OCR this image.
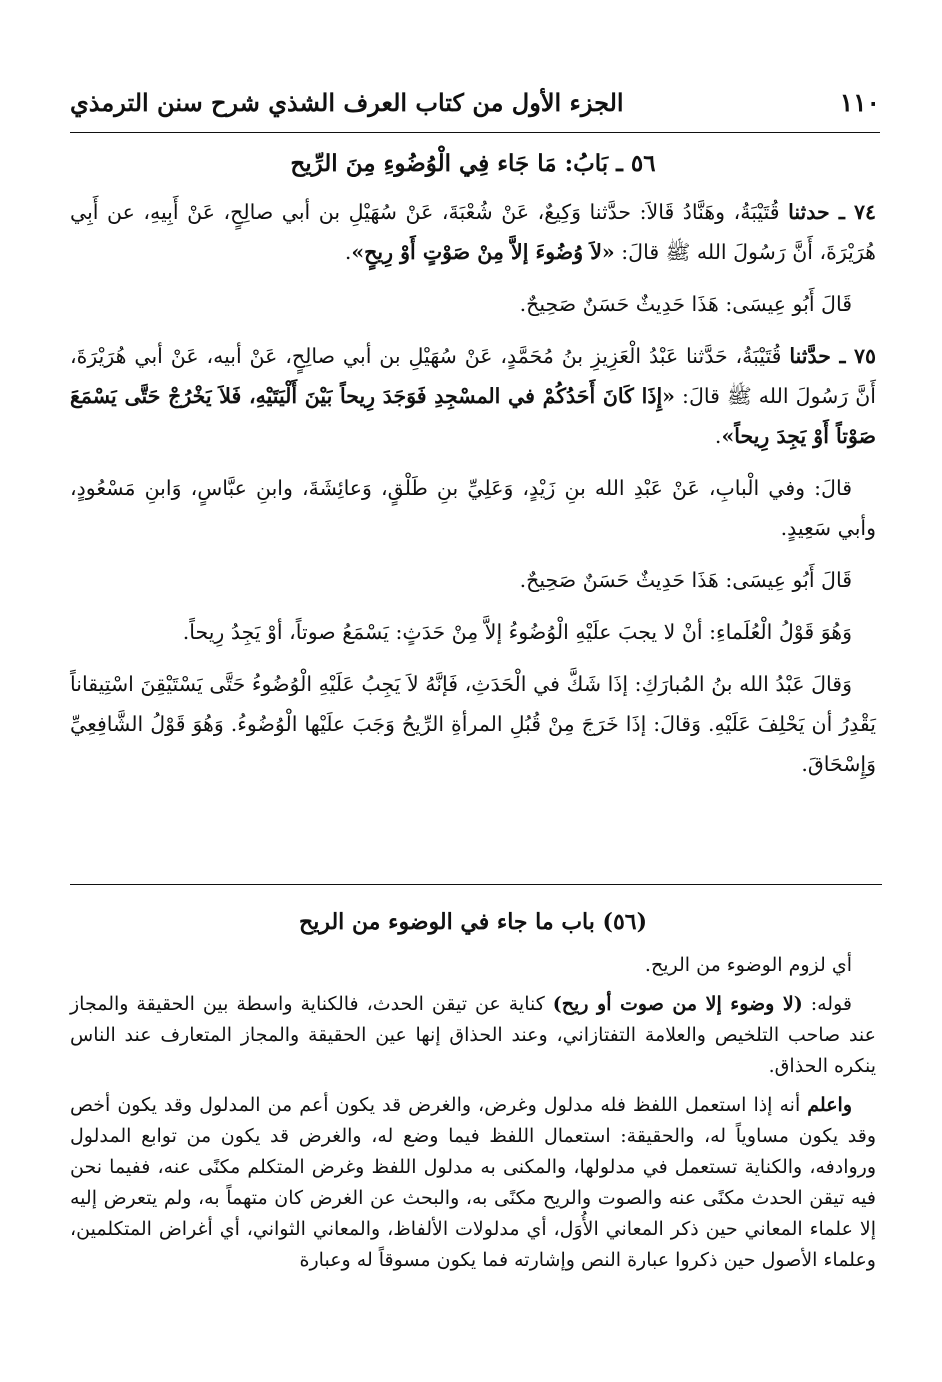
١١٠
الجزء الأول من كتاب العرف الشذي شرح سنن الترمذي
٥٦ ـ بَابُ: مَا جَاء فِي الْوُضُوءِ مِنَ الرِّيح

٧٤ ـ حدثنا قُتَيْبَةُ، وهَنَّادُ قَالاَ: حدَّثنا وَكِيعٌ، عَنْ شُعْبَةَ، عَنْ سُهَيْلِ بن أبي صالِحٍ، عَنْ أَبِيهِ، عن أَبِي هُرَيْرَةَ، أَنَّ رَسُولَ الله ﷺ قالَ: «لاَ وُضُوءَ إلاَّ مِنْ صَوْتٍ أَوْ رِيحٍ».

قَالَ أَبُو عِيسَى: هَذَا حَدِيثٌ حَسَنٌ صَحِيحٌ.

٧٥ ـ حدَّثنا قُتَيْبَةُ، حَدَّثنا عَبْدُ الْعَزِيزِ بنُ مُحَمَّدٍ، عَنْ سُهَيْلِ بن أبي صالِحٍ، عَنْ أبيه، عَنْ أبي هُرَيْرَةَ، أَنَّ رَسُولَ الله ﷺ قالَ: «إِذَا كَانَ أَحَدُكُمْ في المسْجِدِ فَوَجَدَ رِيحاً بَيْنَ أَلْيَتَيْهِ، فَلاَ يَخْرُجْ حَتَّى يَسْمَعَ صَوْتاً أَوْ يَجِدَ رِيحاً».

قالَ: وفي الْبابِ، عَنْ عَبْدِ الله بنِ زَيْدٍ، وَعَلِيِّ بنِ طَلْقٍ، وَعائِشَةَ، وابنِ عبَّاسٍ، وَابنِ مَسْعُودٍ، وأبي سَعِيدٍ.

قَالَ أَبُو عِيسَى: هَذَا حَدِيثٌ حَسَنٌ صَحِيحٌ.

وَهُوَ قَوْلُ الْعُلَماءِ: أنْ لا يجبَ علَيْهِ الْوُضُوءُ إلاَّ مِنْ حَدَثٍ: يَسْمَعُ صوتاً، أوْ يَجِدُ رِيحاً.

وَقالَ عَبْدُ الله بنُ المُبارَكِ: إذَا شَكَّ في الْحَدَثِ، فَإنَّهُ لاَ يَجِبُ عَلَيْهِ الْوُضُوءُ حَتَّى يَسْتَيْقِنَ اسْتِيقاناً يَقْدِرُ أن يَحْلِفَ عَلَيْهِ. وَقالَ: إذَا خَرَجَ مِنْ قُبُلِ المرأةِ الرِّيحُ وَجَبَ علَيْها الْوُضُوءُ. وَهُوَ قَوْلُ الشَّافِعِيِّ وَإِسْحَاقَ.

(٥٦) باب ما جاء في الوضوء من الريح

أي لزوم الوضوء من الريح.

قوله: (لا وضوء إلا من صوت أو ريح) كناية عن تيقن الحدث، فالكناية واسطة بين الحقيقة والمجاز عند صاحب التلخيص والعلامة التفتازاني، وعند الحذاق إنها عين الحقيقة والمجاز المتعارف عند الناس ينكره الحذاق.

واعلم أنه إذا استعمل اللفظ فله مدلول وغرض، والغرض قد يكون أعم من المدلول وقد يكون أخص وقد يكون مساوياً له، والحقيقة: استعمال اللفظ فيما وضع له، والغرض قد يكون من توابع المدلول وروادفه، والكناية تستعمل في مدلولها، والمكنى به مدلول اللفظ وغرض المتكلم مكنًى عنه، ففيما نحن فيه تيقن الحدث مكنًى عنه والصوت والريح مكنًى به، والبحث عن الغرض كان متهماً به، ولم يتعرض إليه إلا علماء المعاني حين ذكر المعاني الأُوَل، أي مدلولات الألفاظ، والمعاني الثواني، أي أغراض المتكلمين، وعلماء الأصول حين ذكروا عبارة النص وإشارته فما يكون مسوقاً له وعبارة
